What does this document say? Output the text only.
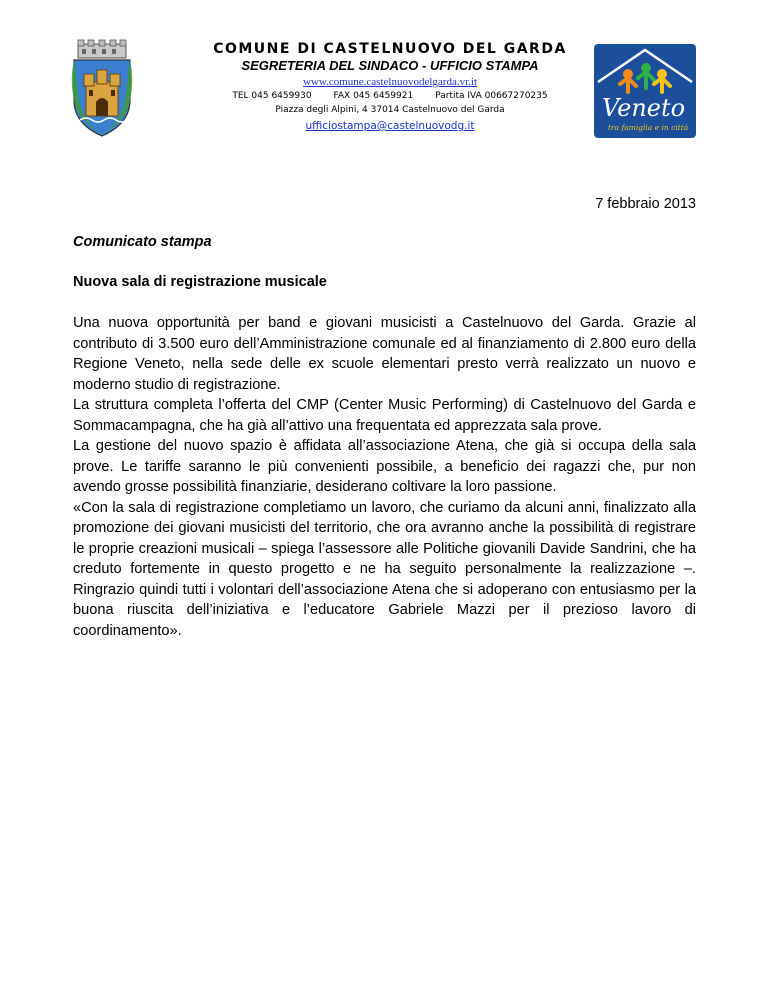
Veneto
tra famiglia e in città
COMUNE DI CASTELNUOVO DEL GARDA
SEGRETERIA DEL SINDACO - UFFICIO STAMPA
www.comune.castelnuovodelgarda.vr.it
TEL 045 6459930 FAX 045 6459921 Partita IVA 00667270235
Piazza degli Alpini, 4 37014 Castelnuovo del Garda
ufficiostampa@castelnuovodg.it
7 febbraio 2013
Comunicato stampa
Nuova sala di registrazione musicale

Una nuova opportunità per band e giovani musicisti a Castelnuovo del Garda. Grazie al contributo di 3.500 euro dell’Amministrazione comunale ed al finanziamento di 2.800 euro della Regione Veneto, nella sede delle ex scuole elementari presto verrà realizzato un nuovo e moderno studio di registrazione.

La struttura completa l’offerta del CMP (Center Music Performing) di Castelnuovo del Garda e Sommacampagna, che ha già all’attivo una frequentata ed apprezzata sala prove.

La gestione del nuovo spazio è affidata all’associazione Atena, che già si occupa della sala prove. Le tariffe saranno le più convenienti possibile, a beneficio dei ragazzi che, pur non avendo grosse possibilità finanziarie, desiderano coltivare la loro passione.

«Con la sala di registrazione completiamo un lavoro, che curiamo da alcuni anni, finalizzato alla promozione dei giovani musicisti del territorio, che ora avranno anche la possibilità di registrare le proprie creazioni musicali – spiega l’assessore alle Politiche giovanili Davide Sandrini, che ha creduto fortemente in questo progetto e ne ha seguito personalmente la realizzazione –. Ringrazio quindi tutti i volontari dell’associazione Atena che si adoperano con entusiasmo per la buona riuscita dell’iniziativa e l’educatore Gabriele Mazzi per il prezioso lavoro di coordinamento».
